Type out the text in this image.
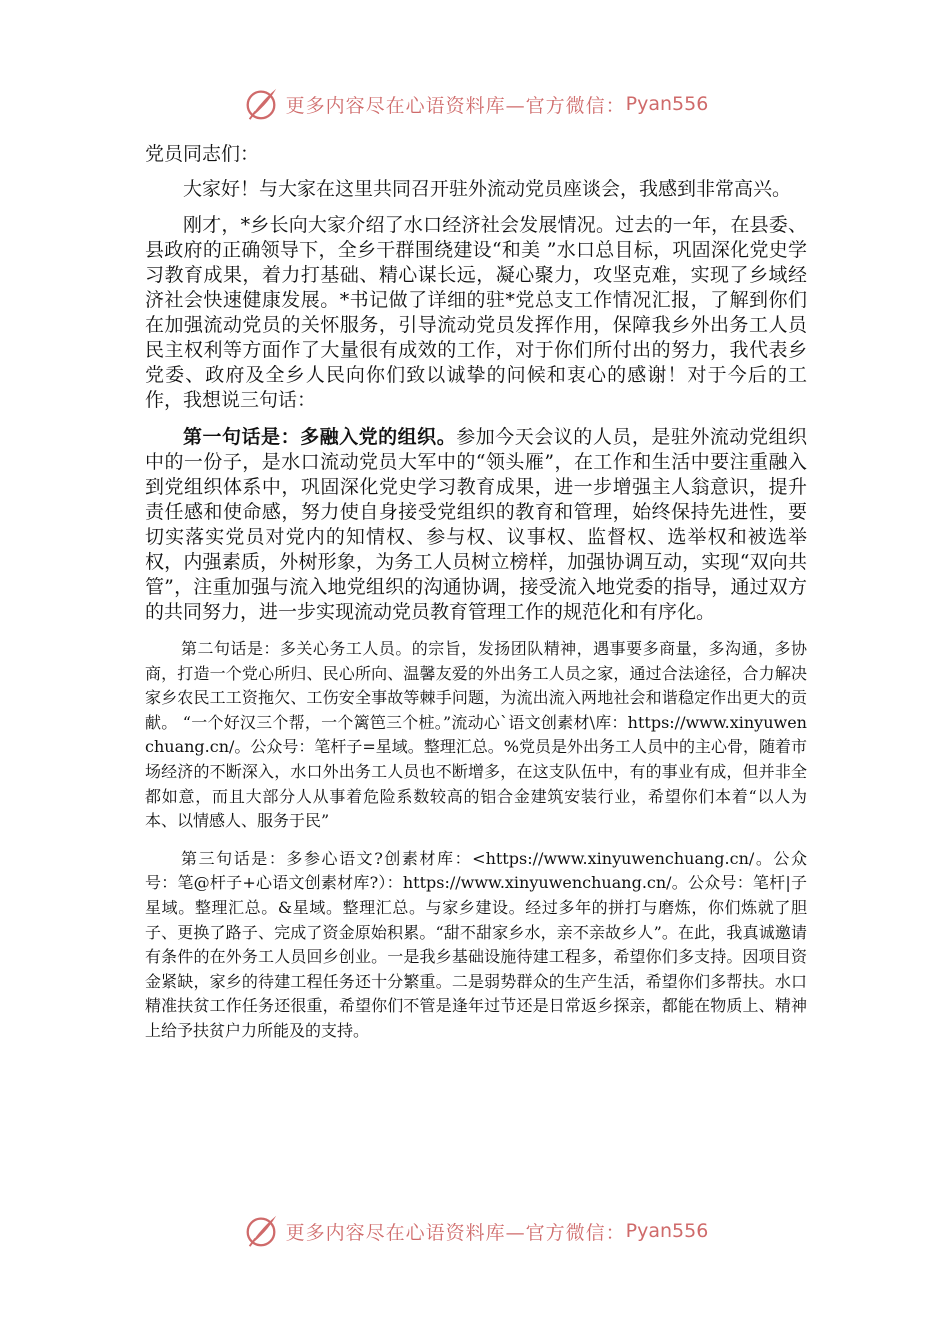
更多内容尽在心语资料库—官方微信： Pyan556

党员同志们：

大家好！与大家在这里共同召开驻外流动党员座谈会，我感到非常高兴。

刚才，*乡长向大家介绍了水口经济社会发展情况。过去的一年，在县委、县政府的正确领导下，全乡干群围绕建设“和美 ”水口总目标，巩固深化党史学习教育成果，着力打基础、精心谋长远，凝心聚力，攻坚克难，实现了乡域经济社会快速健康发展。*书记做了详细的驻*党总支工作情况汇报，了解到你们在加强流动党员的关怀服务，引导流动党员发挥作用，保障我乡外出务工人员民主权利等方面作了大量很有成效的工作，对于你们所付出的努力，我代表乡党委、政府及全乡人民向你们致以诚挚的问候和衷心的感谢！对于今后的工作，我想说三句话：

第一句话是：多融入党的组织。参加今天会议的人员，是驻外流动党组织中的一份子，是水口流动党员大军中的“领头雁”，在工作和生活中要注重融入到党组织体系中，巩固深化党史学习教育成果，进一步增强主人翁意识，提升责任感和使命感，努力使自身接受党组织的教育和管理，始终保持先进性，要切实落实党员对党内的知情权、参与权、议事权、监督权、选举权和被选举权，内强素质，外树形象，为务工人员树立榜样，加强协调互动，实现“双向共管”，注重加强与流入地党组织的沟通协调，接受流入地党委的指导，通过双方的共同努力，进一步实现流动党员教育管理工作的规范化和有序化。

第二句话是：多关心务工人员。的宗旨，发扬团队精神，遇事要多商量，多沟通，多协商，打造一个党心所归、民心所向、温馨友爱的外出务工人员之家，通过合法途径，合力解决家乡农民工工资拖欠、工伤安全事故等棘手问题，为流出流入两地社会和谐稳定作出更大的贡献。 “一个好汉三个帮，一个篱笆三个桩。”流动心`语文创素材\库：https://www.xinyuwenchuang.cn/。公众号：笔杆子=星域。整理汇总。%党员是外出务工人员中的主心骨，随着市场经济的不断深入，水口外出务工人员也不断增多，在这支队伍中，有的事业有成，但并非全都如意，而且大部分人从事着危险系数较高的铝合金建筑安装行业，希望你们本着“以人为本、以情感人、服务于民”

第三句话是：多参心语文?创素材库：<https://www.xinyuwenchuang.cn/。公众号：笔@杆子+心语文创素材库?）：https://www.xinyuwenchuang.cn/。公众号：笔杆|子星域。整理汇总。&星域。整理汇总。与家乡建设。经过多年的拼打与磨炼，你们炼就了胆子、更换了路子、完成了资金原始积累。“甜不甜家乡水，亲不亲故乡人”。在此，我真诚邀请有条件的在外务工人员回乡创业。一是我乡基础设施待建工程多，希望你们多支持。因项目资金紧缺，家乡的待建工程任务还十分繁重。二是弱势群众的生产生活，希望你们多帮扶。水口精准扶贫工作任务还很重，希望你们不管是逢年过节还是日常返乡探亲，都能在物质上、精神上给予扶贫户力所能及的支持。

更多内容尽在心语资料库—官方微信： Pyan556
